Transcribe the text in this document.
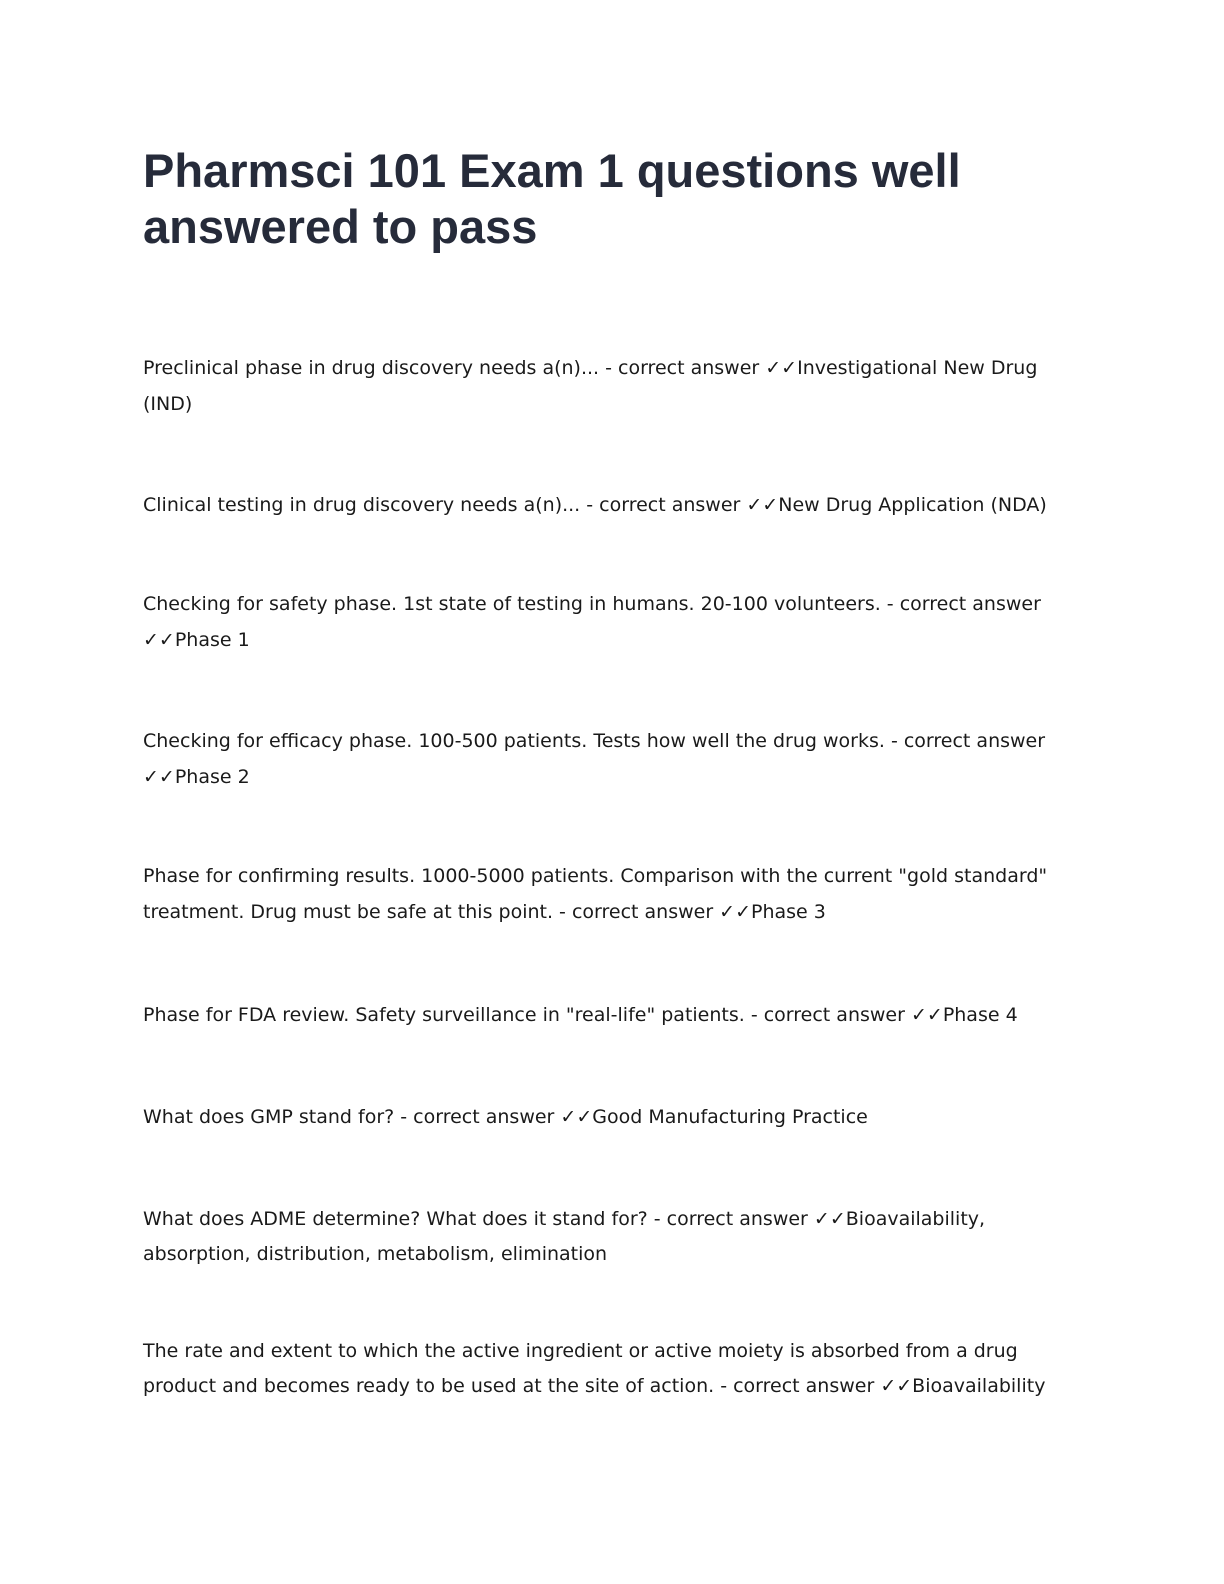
Pharmsci 101 Exam 1 questions well answered to pass

Preclinical phase in drug discovery needs a(n)... - correct answer ✓✓Investigational New Drug (IND)

Clinical testing in drug discovery needs a(n)... - correct answer ✓✓New Drug Application (NDA)

Checking for safety phase. 1st state of testing in humans. 20-100 volunteers. - correct answer ✓✓Phase 1

Checking for efficacy phase. 100-500 patients. Tests how well the drug works. - correct answer ✓✓Phase 2

Phase for confirming results. 1000-5000 patients. Comparison with the current "gold standard" treatment. Drug must be safe at this point. - correct answer ✓✓Phase 3

Phase for FDA review. Safety surveillance in "real-life" patients. - correct answer ✓✓Phase 4

What does GMP stand for? - correct answer ✓✓Good Manufacturing Practice

What does ADME determine? What does it stand for? - correct answer ✓✓Bioavailability, absorption, distribution, metabolism, elimination

The rate and extent to which the active ingredient or active moiety is absorbed from a drug product and becomes ready to be used at the site of action. - correct answer ✓✓Bioavailability
